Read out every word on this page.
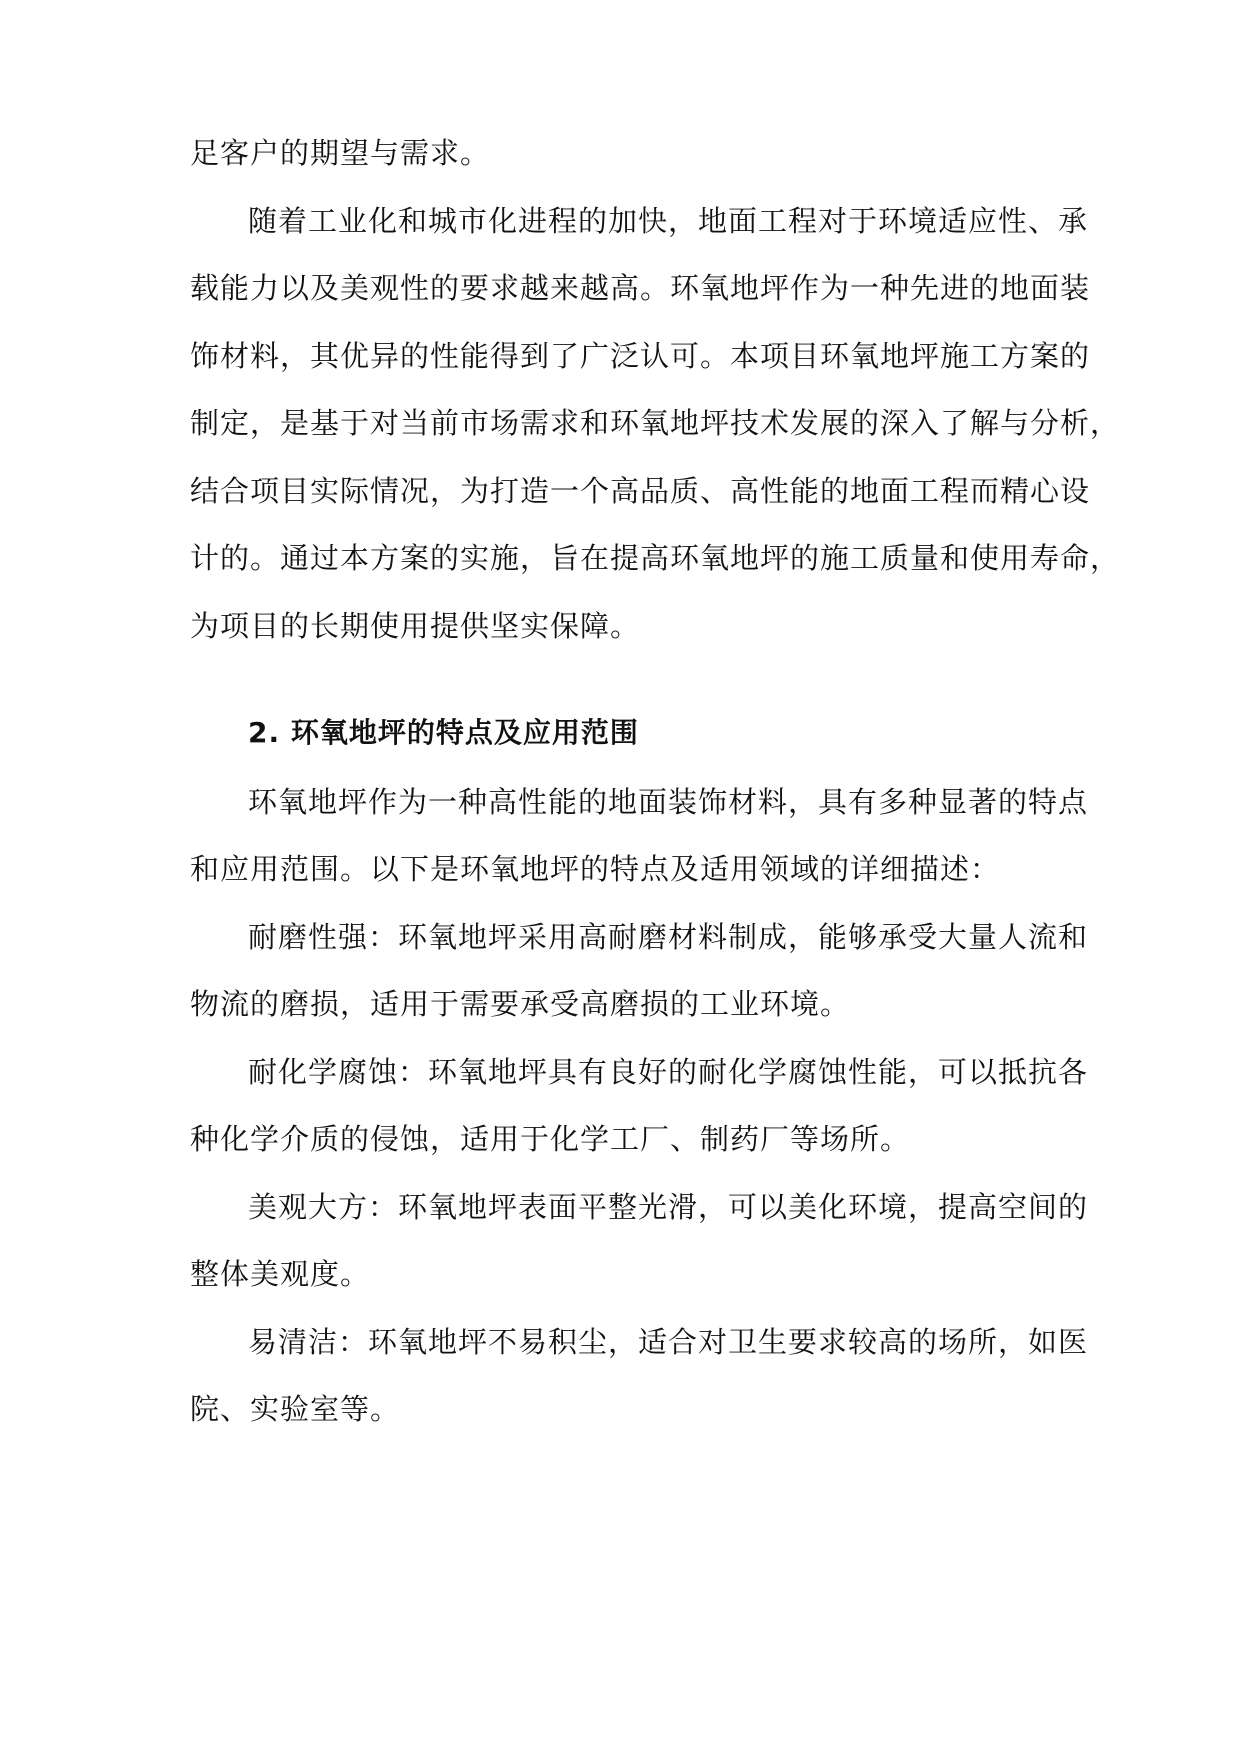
足客户的期望与需求。
随着工业化和城市化进程的加快，地面工程对于环境适应性、承
载能力以及美观性的要求越来越高。环氧地坪作为一种先进的地面装
饰材料，其优异的性能得到了广泛认可。本项目环氧地坪施工方案的
制定，是基于对当前市场需求和环氧地坪技术发展的深入了解与分析，
结合项目实际情况，为打造一个高品质、高性能的地面工程而精心设
计的。通过本方案的实施，旨在提高环氧地坪的施工质量和使用寿命，
为项目的长期使用提供坚实保障。
2. 环氧地坪的特点及应用范围
环氧地坪作为一种高性能的地面装饰材料，具有多种显著的特点
和应用范围。以下是环氧地坪的特点及适用领域的详细描述：
耐磨性强：环氧地坪采用高耐磨材料制成，能够承受大量人流和
物流的磨损，适用于需要承受高磨损的工业环境。
耐化学腐蚀：环氧地坪具有良好的耐化学腐蚀性能，可以抵抗各
种化学介质的侵蚀，适用于化学工厂、制药厂等场所。
美观大方：环氧地坪表面平整光滑，可以美化环境，提高空间的
整体美观度。
易清洁：环氧地坪不易积尘，适合对卫生要求较高的场所，如医
院、实验室等。
